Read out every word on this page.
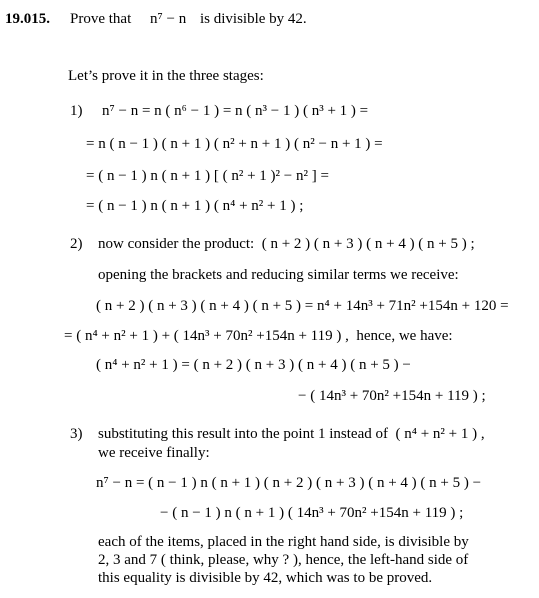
19.015. Prove that n⁷ − n is divisible by 42.
Let’s prove it in the three stages:
1) n⁷ − n = n ( n⁶ − 1 ) = n ( n³ − 1 ) ( n³ + 1 ) =
= n ( n − 1 ) ( n + 1 ) ( n² + n + 1 ) ( n² − n + 1 ) =
= ( n − 1 ) n ( n + 1 ) [ ( n² + 1 )² − n² ] =
= ( n − 1 ) n ( n + 1 ) ( n⁴ + n² + 1 ) ;
2) now consider the product:  ( n + 2 ) ( n + 3 ) ( n + 4 ) ( n + 5 ) ;
opening the brackets and reducing similar terms we receive:
( n + 2 ) ( n + 3 ) ( n + 4 ) ( n + 5 ) = n⁴ + 14n³ + 71n² +154n + 120 =
= ( n⁴ + n² + 1 ) + ( 14n³ + 70n² +154n + 119 ) ,  hence, we have:
( n⁴ + n² + 1 ) = ( n + 2 ) ( n + 3 ) ( n + 4 ) ( n + 5 ) −
− ( 14n³ + 70n² +154n + 119 ) ;
3) substituting this result into the point 1 instead of  ( n⁴ + n² + 1 ) ,
we receive finally:
n⁷ − n = ( n − 1 ) n ( n + 1 ) ( n + 2 ) ( n + 3 ) ( n + 4 ) ( n + 5 ) −
− ( n − 1 ) n ( n + 1 ) ( 14n³ + 70n² +154n + 119 ) ;
each of the items, placed in the right hand side, is divisible by
2, 3 and 7 ( think, please, why ? ), hence, the left-hand side of
this equality is divisible by 42, which was to be proved.
